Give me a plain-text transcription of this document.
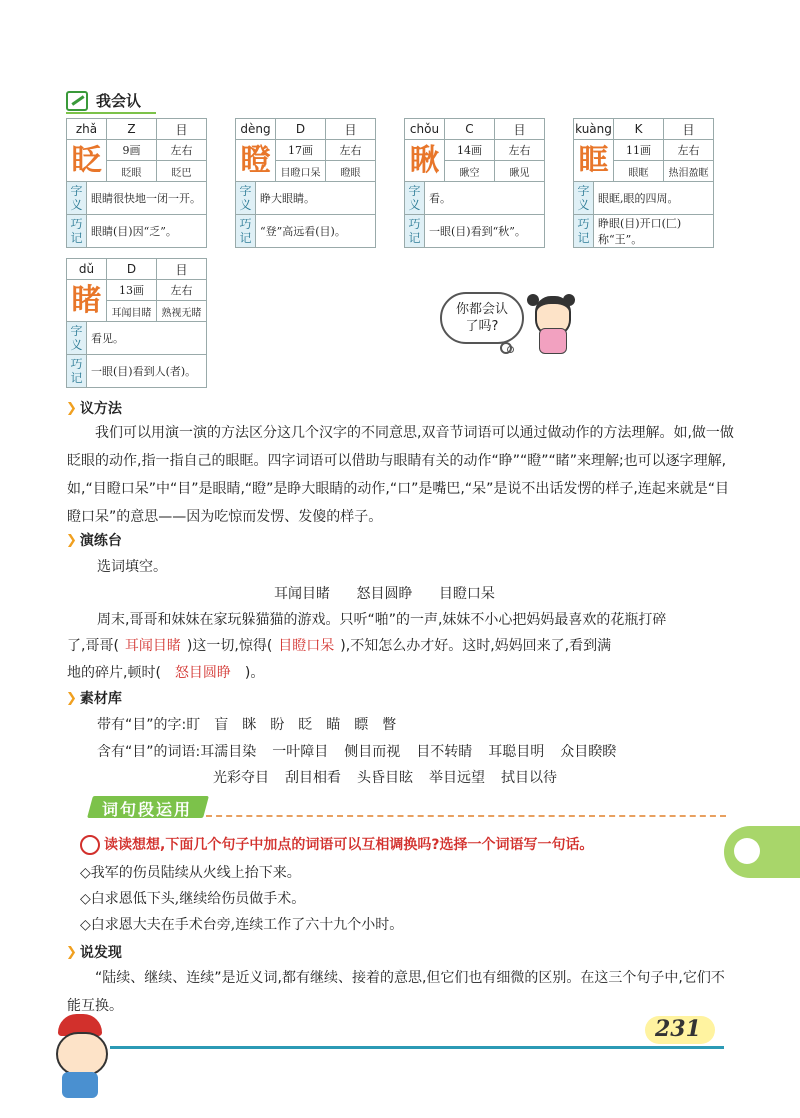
我会认
zhǎ		Z	目
眨		9画	左右
		眨眼	眨巴
字义	眼睛很快地一闭一开。		
巧记	眼睛(目)因“乏”。		
dèng		D	目
瞪		17画	左右
		目瞪口呆	瞪眼
字义	睁大眼睛。		
巧记	“登”高远看(目)。		
chǒu		C	目
瞅		14画	左右
		瞅空	瞅见
字义	看。		
巧记	一眼(目)看到“秋”。		
kuàng		K	目
眶		11画	左右
		眼眶	热泪盈眶
字义	眼眶,眼的四周。		
巧记	睁眼(目)开口(匚)称“王”。		
dǔ		D	目
睹		13画	左右
		耳闻目睹	熟视无睹
字义	看见。		
巧记	一眼(目)看到人(者)。		
你都会认了吗?
❯ 议方法
我们可以用演一演的方法区分这几个汉字的不同意思,双音节词语可以通过做动作的方法理解。如,做一做眨眼的动作,指一指自己的眼眶。四字词语可以借助与眼睛有关的动作“睁”“瞪”“睹”来理解;也可以逐字理解,如,“目瞪口呆”中“目”是眼睛,“瞪”是睁大眼睛的动作,“口”是嘴巴,“呆”是说不出话发愣的样子,连起来就是“目瞪口呆”的意思——因为吃惊而发愣、发傻的样子。
❯ 演练台
选词填空。
耳闻目睹 怒目圆睁 目瞪口呆
周末,哥哥和妹妹在家玩躲猫猫的游戏。只听“啪”的一声,妹妹不小心把妈妈最喜欢的花瓶打碎
了,哥哥( 耳闻目睹 )这一切,惊得( 目瞪口呆 ),不知怎么办才好。这时,妈妈回来了,看到满
地的碎片,顿时( 怒目圆睁 )。
❯ 素材库
带有“目”的字:盯 盲 眯 盼 眨 瞄 瞟 瞥
含有“目”的词语:耳濡目染 一叶障目 侧目而视 目不转睛 耳聪目明 众目睽睽
光彩夺目 刮目相看 头昏目眩 举目远望 拭目以待
词句段运用
读读想想,下面几个句子中加点的词语可以互相调换吗?选择一个词语写一句话。
◇我军的伤员陆续从火线上抬下来。
◇白求恩低下头,继续给伤员做手术。
◇白求恩大夫在手术台旁,连续工作了六十九个小时。
❯ 说发现
“陆续、继续、连续”是近义词,都有继续、接着的意思,但它们也有细微的区别。在这三个句子中,它们不能互换。
231
